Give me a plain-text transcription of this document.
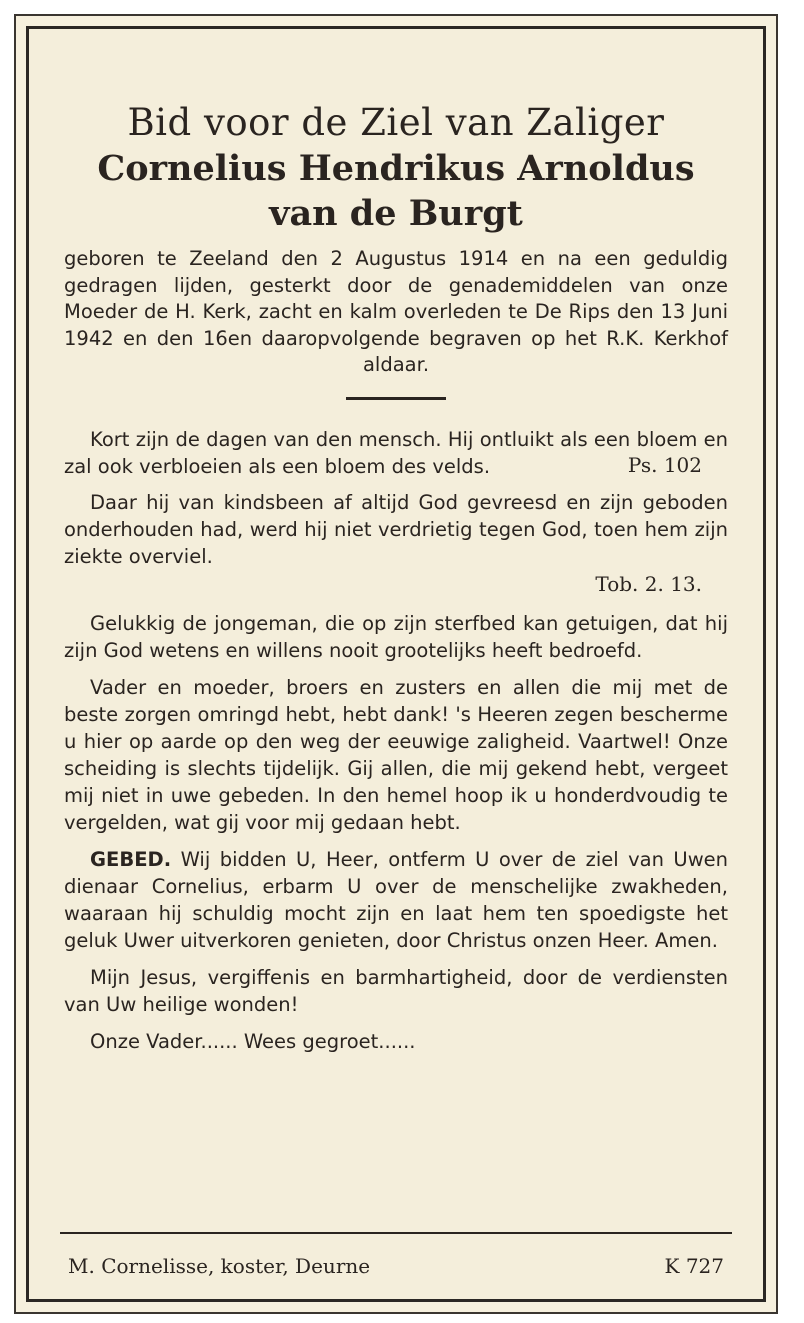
Bid voor de Ziel van Zaliger

Cornelius Hendrikus Arnoldus

van de Burgt

geboren te Zeeland den 2 Augustus 1914 en na een geduldig gedragen lijden, gesterkt door de genademiddelen van onze Moeder de H. Kerk, zacht en kalm overleden te De Rips den 13 Juni 1942 en den 16en daaropvolgende begraven op het R.K. Kerkhof aldaar.

Kort zijn de dagen van den mensch. Hij ontluikt als een bloem en zal ook verbloeien als een bloem des velds.	Ps. 102

Daar hij van kindsbeen af altijd God gevreesd en zijn geboden onderhouden had, werd hij niet verdrietig tegen God, toen hem zijn ziekte overviel.

Tob. 2. 13.

Gelukkig de jongeman, die op zijn sterfbed kan getuigen, dat hij zijn God wetens en willens nooit grootelijks heeft bedroefd.

Vader en moeder, broers en zusters en allen die mij met de beste zorgen omringd hebt, hebt dank! 's Heeren zegen bescherme u hier op aarde op den weg der eeuwige zaligheid. Vaartwel! Onze scheiding is slechts tijdelijk. Gij allen, die mij gekend hebt, vergeet mij niet in uwe gebeden. In den hemel hoop ik u honderdvoudig te vergelden, wat gij voor mij gedaan hebt.

GEBED. Wij bidden U, Heer, ontferm U over de ziel van Uwen dienaar Cornelius, erbarm U over de menschelijke zwakheden, waaraan hij schuldig mocht zijn en laat hem ten spoedigste het geluk Uwer uitverkoren genieten, door Christus onzen Heer. Amen.

Mijn Jesus, vergiffenis en barmhartigheid, door de verdiensten van Uw heilige wonden!

Onze Vader...... Wees gegroet......

M. Cornelisse, koster, Deurne	K 727
